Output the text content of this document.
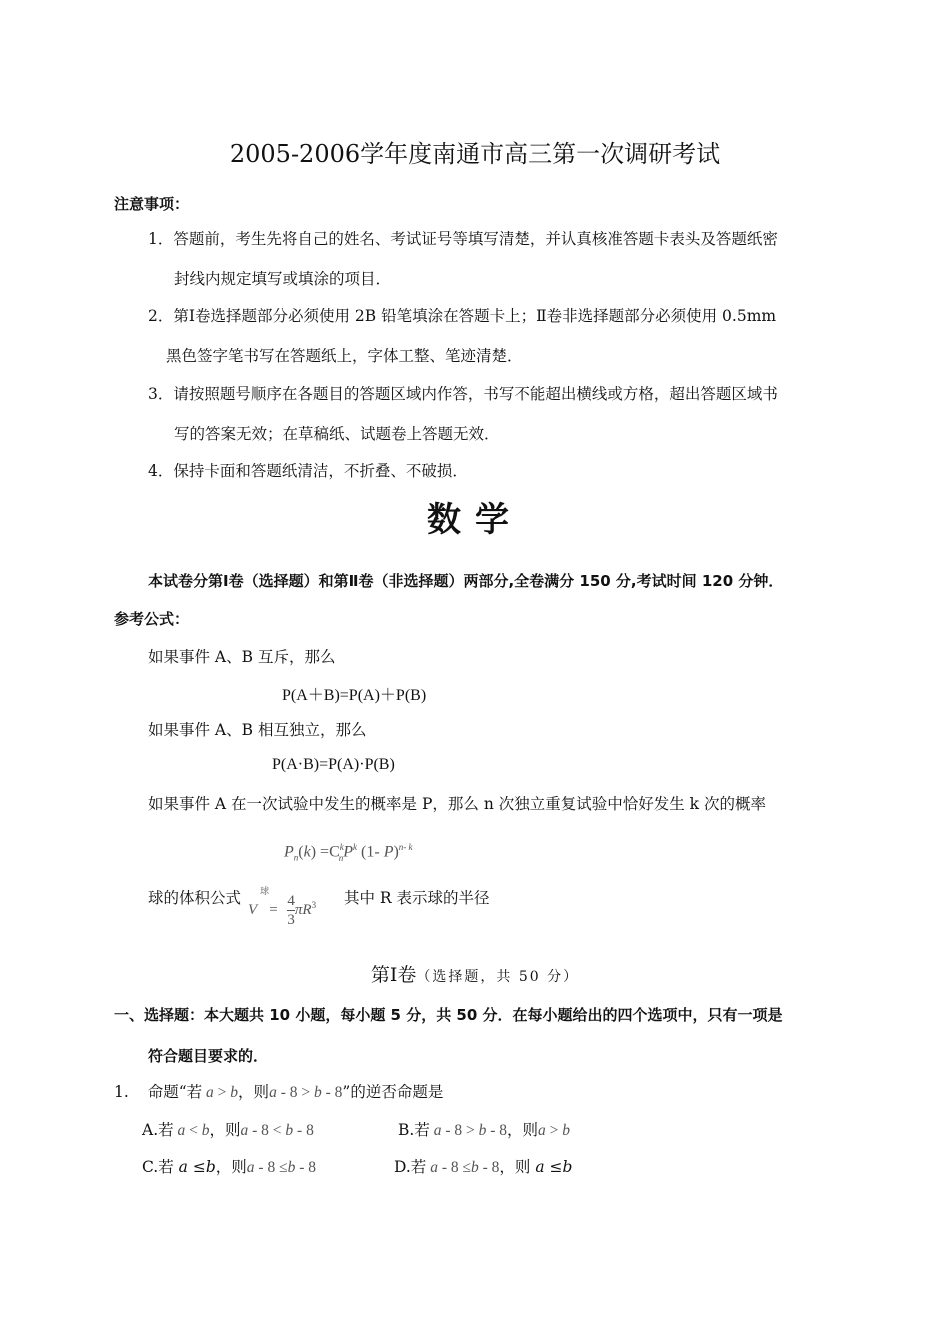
2005-2006学年度南通市高三第一次调研考试
注意事项：
1．答题前，考生先将自己的姓名、考试证号等填写清楚，并认真核准答题卡表头及答题纸密
封线内规定填写或填涂的项目．
2．第Ⅰ卷选择题部分必须使用 2B 铅笔填涂在答题卡上；Ⅱ卷非选择题部分必须使用 0.5mm
黑色签字笔书写在答题纸上，字体工整、笔迹清楚．
3．请按照题号顺序在各题目的答题区域内作答，书写不能超出横线或方格，超出答题区域书
写的答案无效；在草稿纸、试题卷上答题无效．
4．保持卡面和答题纸清洁，不折叠、不破损．
数学
本试卷分第Ⅰ卷（选择题）和第Ⅱ卷（非选择题）两部分,全卷满分 150 分,考试时间 120 分钟．
参考公式：
如果事件 A、B 互斥，那么
P(A＋B)=P(A)＋P(B)
如果事件 A、B 相互独立，那么
P(A·B)=P(A)·P(B)
如果事件 A 在一次试验中发生的概率是 P，那么 n 次独立重复试验中恰好发生 k 次的概率
$P_n(k) =C^k_nP^k$ (1- P)$^{n- k}$
球的体积公式
$V^球= \frac{4}{3} \pi R^3$ 其中 R 表示球的半径
第Ⅰ卷（选择题，共 50 分）
一、选择题：本大题共 10 小题，每小题 5 分，共 50 分．在每小题给出的四个选项中，只有一项是
符合题目要求的．
1. 命题“若 a > b，则a - 8 > b - 8”的逆否命题是
A.若 a < b，则a - 8 < b - 8	B.若 a - 8 > b - 8，则a > b
C.若 a ≤b，则a - 8 ≤b - 8	D.若 a - 8 ≤b - 8，则 a ≤b
